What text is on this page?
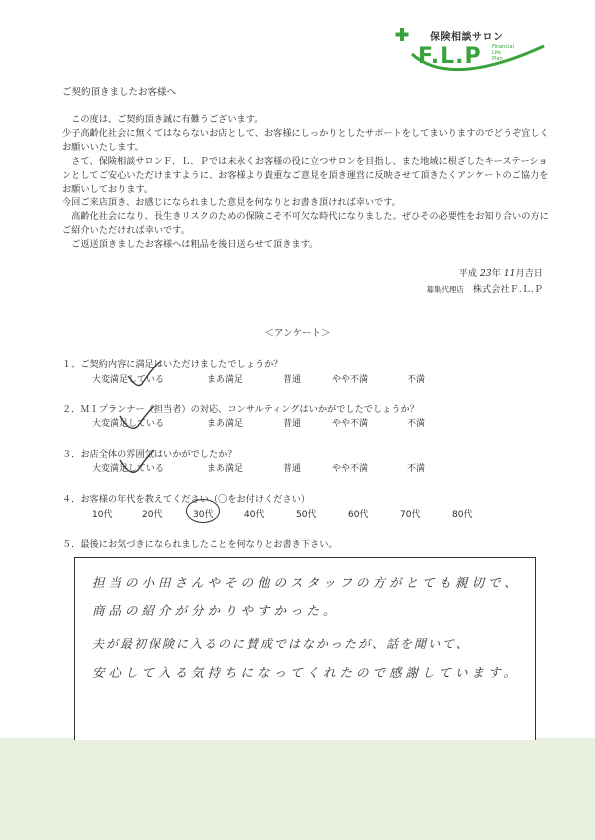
保険相談サロン
F.L.P Financial
Life
Plan
ご契約頂きましたお客様へ

　この度は、ご契約頂き誠に有難うございます。

少子高齢化社会に無くてはならないお店として、お客様にしっかりとしたサポートをしてまいりますのでどうぞ宜しくお願いいたします。

　さて、保険相談サロンＦ．Ｌ．Ｐでは末永くお客様の役に立つサロンを目指し、また地域に根ざしたキーステーションとしてご安心いただけますように、お客様より貴重なご意見を頂き運営に反映させて頂きたくアンケートのご協力をお願いしております。

今回ご来店頂き、お感じになられました意見を何なりとお書き頂ければ幸いです。

　高齢化社会になり、長生きリスクのための保険こそ不可欠な時代になりました。ぜひその必要性をお知り合いの方にご紹介いただければ幸いです。

　ご返送頂きましたお客様へは粗品を後日送らせて頂きます。

平成 23年 11月吉日
募集代理店 株式会社Ｆ.Ｌ.Ｐ
＜アンケート＞
１、ご契約内容に満足はいただけましたでしょうか？
大変満足している	まあ満足	普通	やや不満	不満
２．ＭＩプランナー（担当者）の対応、コンサルティングはいかがでしたでしょうか？
大変満足している	まあ満足	普通	やや不満	不満
３．お店全体の雰囲気はいかがでしたか？
大変満足している	まあ満足	普通	やや不満	不満
４．お客様の年代を教えてください（〇をお付けください）
10代	20代	30代	40代	50代	60代	70代	80代
５．最後にお気づきになられましたことを何なりとお書き下さい。
担当の小田さんやその他のスタッフの方がとても親切で、
商品の紹介が分かりやすかった。
夫が最初保険に入るのに賛成ではなかったが、話を聞いて、
安心して入る気持ちになってくれたので感謝しています。
